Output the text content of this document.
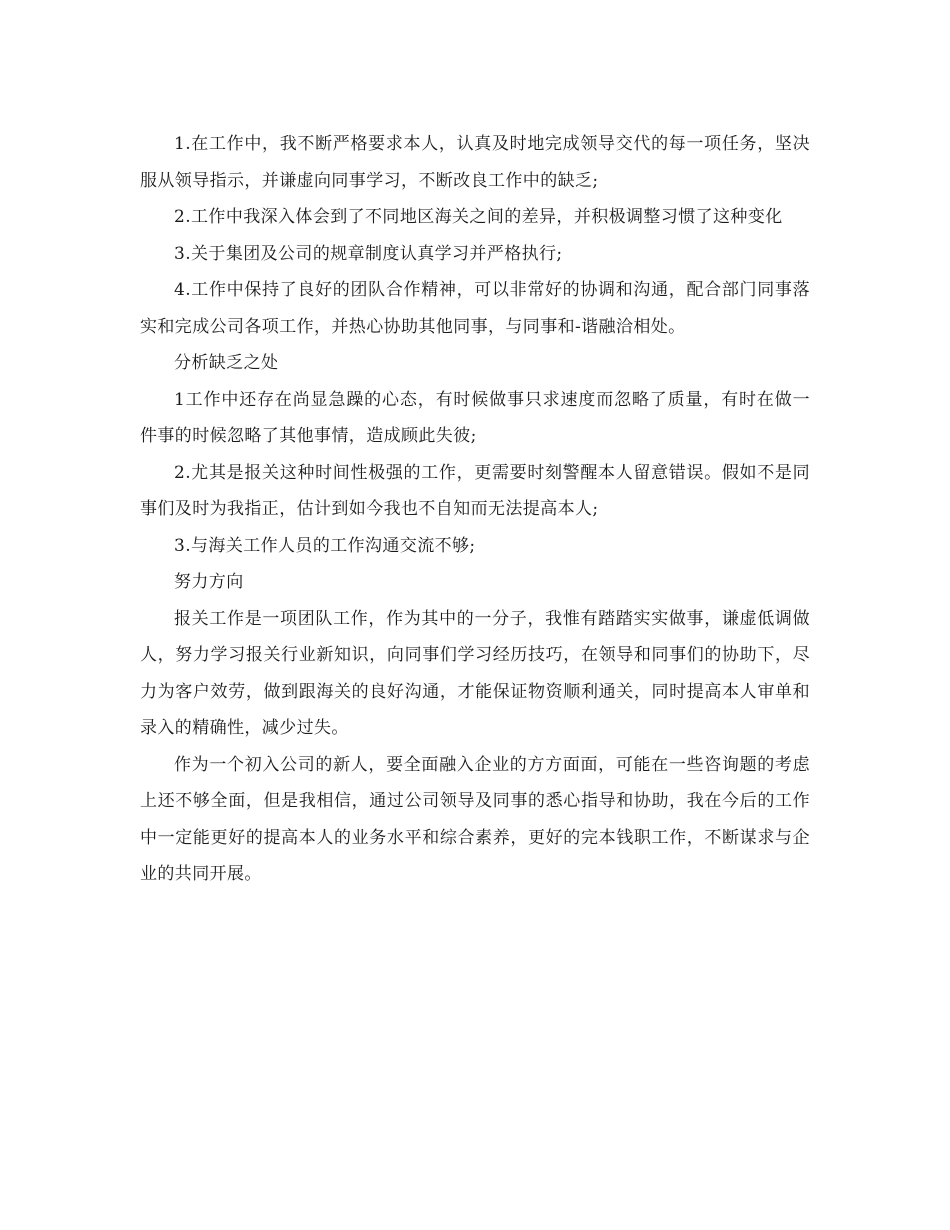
1.在工作中，我不断严格要求本人，认真及时地完成领导交代的每一项任务，坚决服从领导指示，并谦虚向同事学习，不断改良工作中的缺乏;

2.工作中我深入体会到了不同地区海关之间的差异，并积极调整习惯了这种变化

3.关于集团及公司的规章制度认真学习并严格执行;

4.工作中保持了良好的团队合作精神，可以非常好的协调和沟通，配合部门同事落实和完成公司各项工作，并热心协助其他同事，与同事和-谐融洽相处。

分析缺乏之处

1工作中还存在尚显急躁的心态，有时候做事只求速度而忽略了质量，有时在做一件事的时候忽略了其他事情，造成顾此失彼;

2.尤其是报关这种时间性极强的工作，更需要时刻警醒本人留意错误。假如不是同事们及时为我指正，估计到如今我也不自知而无法提高本人;

3.与海关工作人员的工作沟通交流不够;

努力方向

报关工作是一项团队工作，作为其中的一分子，我惟有踏踏实实做事，谦虚低调做人，努力学习报关行业新知识，向同事们学习经历技巧，在领导和同事们的协助下，尽力为客户效劳，做到跟海关的良好沟通，才能保证物资顺利通关，同时提高本人审单和录入的精确性，减少过失。

作为一个初入公司的新人，要全面融入企业的方方面面，可能在一些咨询题的考虑上还不够全面，但是我相信，通过公司领导及同事的悉心指导和协助，我在今后的工作中一定能更好的提高本人的业务水平和综合素养，更好的完本钱职工作，不断谋求与企业的共同开展。
